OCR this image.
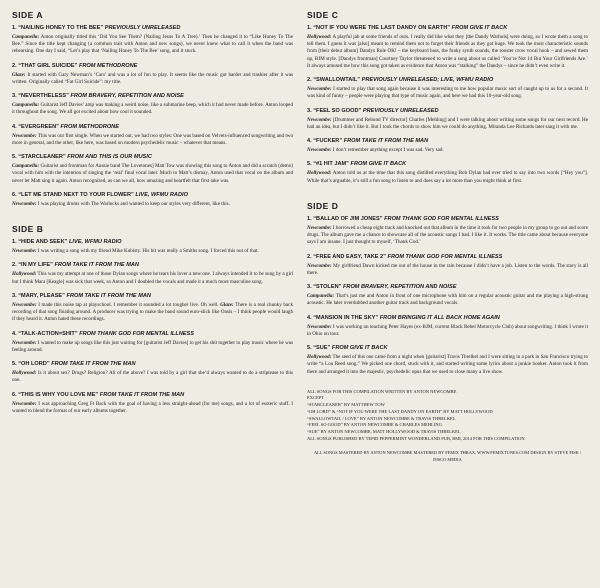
SIDE A
1. “NAILING HONEY TO THE BEE” PREVIOUSLY UNRELEASED

Campanella: Anton originally titled this ‘Did You See Them? (Nailing Jesus To A Tree).’ Then he changed it to “Like Honey To The Bee.” Since the title kept changing (a common trait with Anton and new songs), we never knew what to call it when the band was rehearsing. One day I said, “Let’s play that ‘Nailing Honey To The Bee’ song, and it stuck.

2. “THAT GIRL SUICIDE” FROM METHODRONE

Glaze: It started with Gary Newman’s ‘Cars’ and was a lot of fun to play. It seems like the music got harder and trashier after it was written. Originally called “Fat Girl Suicide”: my title.

3. “NEVERTHELESS” FROM BRAVERY, REPETITION AND NOISE

Campanella: Guitarist Jeff Davies’ amp was making a weird noise, like a submarine beep, which it had never made before. Anton looped it throughout the song. We all got excited about how cool it sounded.

4. “EVERGREEN” FROM METHODRONE

Newcombe: This was our first single. When we started out, we had two styles: One was based on Velvets-influenced songwriting and two more in general, and the other, like here, was based on modern psychedelic music – whatever that means.

5. “STARCLEANER” FROM AND THIS IS OUR MUSIC

Campanella: Guitarist and frontman for Aussie band The Lovetones] Matt Tow was showing this song to Anton and did a scratch (demo) vocal with him with the intention of singing the ‘real’ final vocal later. Much to Matt’s dismay, Anton used that vocal on the album and never let Matt sing it again. Anton recognized, as can we all, how amazing and heartfelt that first take was.

6. “LET ME STAND NEXT TO YOUR FLOWER” LIVE, WFMU RADIO

Newcombe: I was playing drums with The Warlocks and wanted to keep our styles very different, like this.

SIDE B
1. “HIDE AND SEEK” LIVE, WFMU RADIO

Newcombe: I was writing a song with my friend Mike Kubisty. His bit was really a Smiths song. I forced this out of that.

2. “IN MY LIFE” FROM TAKE IT FROM THE MAN

Hollywood: This was my attempt at one of those Dylan songs where he tears his lover a new one. I always intended it to be sung by a girl but I think Mara [Keagle] was sick that week, so Anton and I doubled the vocals and made it a much more masculine song.

3. “MARY, PLEASE” FROM TAKE IT FROM THE MAN

Newcombe: I made this noise tap at playschool. I remember it sounded a lot tougher live. Oh well. Glaze: There is a real chunky back recording of that song floating around. A producer was trying to make the band sound euro-slick like Oasis – I think people would laugh if they heard it. Anton hated these recordings.

4. “TALK-ACTION=SHIT” FROM THANK GOD FOR MENTAL ILLNESS

Newcombe: I wanted to make up songs like this just waiting for [guitarist Jeff Davies] to get his shit together to play music where he was feeling around.

5. “OH LORD” FROM TAKE IT FROM THE MAN

Hollywood: Is it about sex? Drugs? Religion? All of the above? I was told by a girl that she’d always wanted to do a striptease to this one.

6. “THIS IS WHY YOU LOVE ME” FROM TAKE IT FROM THE MAN

Newcombe: I was approaching Greg Ft Back with the goal of having a less straight-ahead (for me) songs, and a lot of esoteric stuff. I wanted to blend the format of our early albums together.

SIDE C
1. “NOT IF YOU WERE THE LAST DANDY ON EARTH” FROM GIVE IT BACK

Hollywood: A playful jab at some friends of ours. I really did like what they [the Dandy Warhols] were doing, so I wrote them a song to tell them. I guess it was [also] meant to remind them not to forget their friends as they got huge. We took the most characteristic sounds from [their debut album] Dandys Rule OK! – the keyboard bass, the funky synth sounds, the rooster crow vocal hook – and sewed them up, BJM style. [Dandys frontman] Courtney Taylor threatened to write a song about us called ‘You’re Not 14 But Your Girlfriends Are.’ It always amused me how this song got taken as evidence that Anton was “stalking” the Dandys – since he didn’t even write it.

2. “SWALLOWTAIL” PREVIOUSLY UNRELEASED; LIVE, WFMU RADIO

Newcombe: I started to play that song again because it was interesting to me how popular music sort of caught up to us for a second. It was kind of funny – people were playing that type of music again, and here we had this 10-year-old song.

3. “FEEL SO GOOD” PREVIOUSLY UNRELEASED

Newcombe: [Drummer and Rebond TV director] Charles [Mehling] and I were talking about writing some songs for our next record. He had an idea, but I didn’t like it. But I took the chords to show him we could do anything. Miranda Lee Richards later sang it with me.

4. “FUCKER” FROM TAKE IT FROM THE MAN

Newcombe: I don’t remember anything except I was sad. Very sad.

5. “#1 HIT JAM” FROM GIVE IT BACK

Hollywood: Anton told us at the time that this song distilled everything Bob Dylan had ever tried to say into two words [“Hey you”]. While that’s arguable, it’s still a fun song to listen to and does say a lot more than you might think at first.

SIDE D
1. “BALLAD OF JIM JONES” FROM THANK GOD FOR MENTAL ILLNESS

Newcombe: I borrowed a cheap eight track and knocked out that album in the time it took for two people in my group to go out and score drugs. The album gave me a chance to showcase all of the acoustic songs I had. I like it. It works. The title came about because everyone says I am insane. I just thought to myself, ‘Thank God.’

2. “FREE AND EASY, TAKE 2” FROM THANK GOD FOR MENTAL ILLNESS

Newcombe: My girlfriend Dawn kicked me out of the house in the rain because I didn’t have a job. Listen to the words. The story is all there.

3. “STOLEN” FROM BRAVERY, REPETITION AND NOISE

Campanella: That’s just me and Anton in front of one microphone with him on a regular acoustic guitar and me playing a high-strung acoustic. He later overdubbed another guitar track and background vocals.

4. “MANSION IN THE SKY” FROM BRINGING IT ALL BACK HOME AGAIN

Newcombe: I was working on teaching Peter Hayes (ex-BJM, current Black Rebel Motorcycle Club) about songwriting. I think I wrote it in Ohio on tour.

5. “SUE” FROM GIVE IT BACK

Hollywood: The seed of this one came from a night when [guitarist] Travis Threlkel and I were sitting in a park in San Francisco trying to write “a Lou Reed song.” We picked one chord, stuck with it, and started writing some lyrics about a junkie hooker. Anton took it from there and arranged it into the majestic, psychedelic opus that we used to close many a live show.

ALL SONGS FOR THIS COMPILATION WRITTEN BY ANTON NEWCOMBE
EXCEPT
“STARCLEANER” BY MATTHEW TOW
“OH LORD” & “NOT IF YOU WERE THE LAST DANDY ON EARTH” BY MATT HOLLYWOOD
“SWALLOWTAIL / LOVE” BY ANTON NEWCOMBE & TRAVIS THRELKEL
“FEEL SO GOOD” BY ANTON NEWCOMBE & CHARLES MEHLING
“SUE” BY ANTON NEWCOMBE, MATT HOLLYWOOD & TRAVIS THRELKEL
ALL SONGS PUBLISHED BY TEPID PEPPERMINT WONDERLAND PUB, BMI, 2014 FOR THIS COMPILATION
ALL SONGS MASTERED BY ANTON NEWCOMBE MASTERED BY FEMIX THRAX, WWW.FEMIXTUNES.COM DESIGN BY STEVE FISK / DISCO MEDIA
